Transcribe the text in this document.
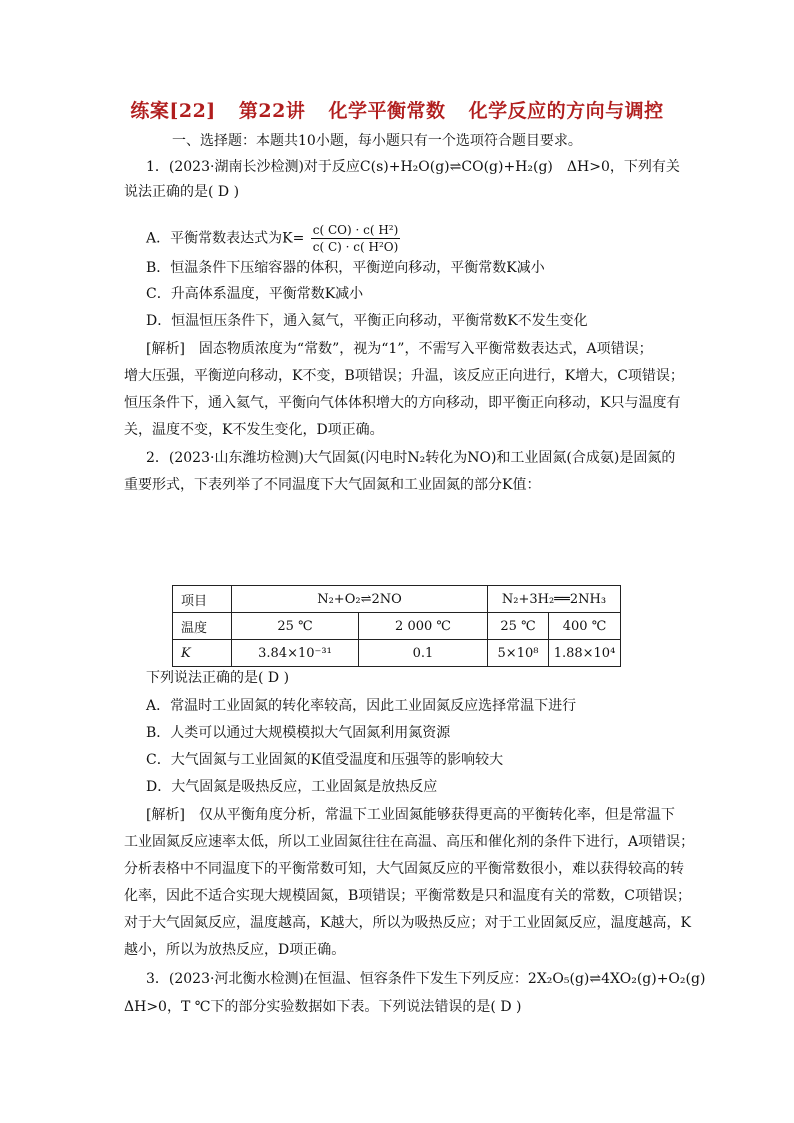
练案[22] 第22讲 化学平衡常数 化学反应的方向与调控
一、选择题：本题共10小题，每小题只有一个选项符合题目要求。
1．(2023·湖南长沙检测)对于反应C(s)+H₂O(g)⇌CO(g)+H₂(g)　ΔH>0，下列有关
说法正确的是( D )
A．平衡常数表达式为$K= \frac{\text{c( CO) · c( H²)}}{\text{c( C) · c( H²O)}}$
B．恒温条件下压缩容器的体积，平衡逆向移动，平衡常数K减小
C．升高体系温度，平衡常数K减小
D．恒温恒压条件下，通入氦气，平衡正向移动，平衡常数K不发生变化
[解析]　固态物质浓度为“常数”，视为“1”，不需写入平衡常数表达式，A项错误；
增大压强，平衡逆向移动，K不变，B项错误；升温，该反应正向进行，K增大，C项错误；
恒压条件下，通入氦气，平衡向气体体积增大的方向移动，即平衡正向移动，K只与温度有
关，温度不变，K不发生变化，D项正确。
2．(2023·山东潍坊检测)大气固氮(闪电时N₂转化为NO)和工业固氮(合成氨)是固氮的
重要形式，下表列举了不同温度下大气固氮和工业固氮的部分K值：
项目	N₂+O₂⇌2NO		N₂+3H₂══2NH₃	
温度	25 ℃	2 000 ℃	25 ℃	400 ℃
K	3.84×10⁻³¹	0.1	5×10⁸	1.88×10⁴
下列说法正确的是( D )
A．常温时工业固氮的转化率较高，因此工业固氮反应选择常温下进行
B．人类可以通过大规模模拟大气固氮利用氮资源
C．大气固氮与工业固氮的K值受温度和压强等的影响较大
D．大气固氮是吸热反应，工业固氮是放热反应
[解析]　仅从平衡角度分析，常温下工业固氮能够获得更高的平衡转化率，但是常温下
工业固氮反应速率太低，所以工业固氮往往在高温、高压和催化剂的条件下进行，A项错误；
分析表格中不同温度下的平衡常数可知，大气固氮反应的平衡常数很小，难以获得较高的转
化率，因此不适合实现大规模固氮，B项错误；平衡常数是只和温度有关的常数，C项错误；
对于大气固氮反应，温度越高，K越大，所以为吸热反应；对于工业固氮反应，温度越高，K
越小，所以为放热反应，D项正确。
3．(2023·河北衡水检测)在恒温、恒容条件下发生下列反应：2X₂O₅(g)⇌4XO₂(g)+O₂(g)
ΔH>0，T ℃下的部分实验数据如下表。下列说法错误的是( D )
